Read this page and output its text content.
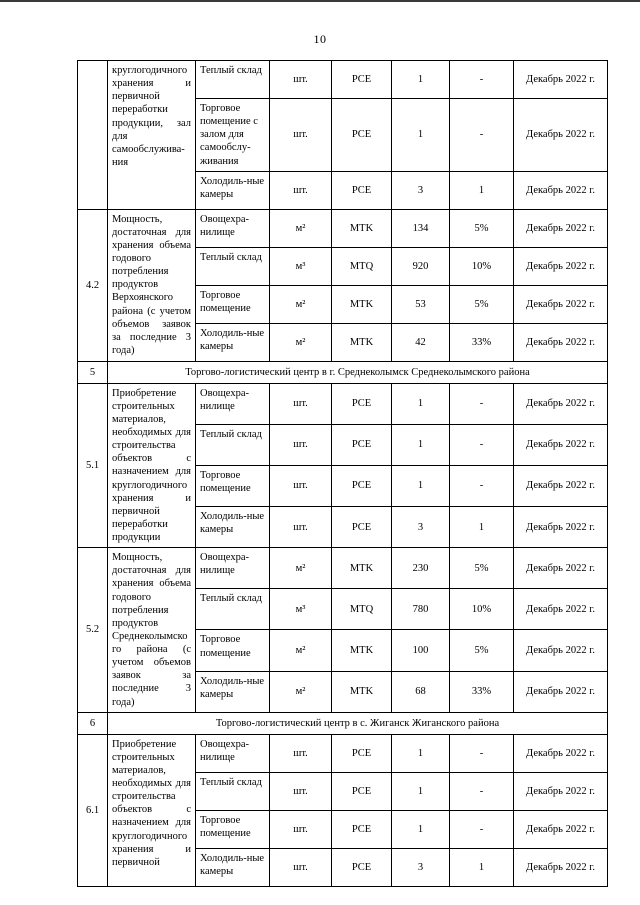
10
	круглогодичного хранения и первичной переработки продукции, зал для самообслужива-ния	Теплый склад	шт.	PCE	1	-	Декабрь 2022 г.
		Торговое помещение с залом для самообслу-живания	шт.	PCE	1	-	Декабрь 2022 г.
		Холодиль-ные камеры	шт.	PCE	3	1	Декабрь 2022 г.
4.2	Мощность, достаточная для хранения объема годового потребления продуктов Верхоянского района (с учетом объемов заявок за последние 3 года)	Овощехра-нилище	м²	MTK	134	5%	Декабрь 2022 г.
		Теплый склад	м³	MTQ	920	10%	Декабрь 2022 г.
		Торговое помещение	м²	MTK	53	5%	Декабрь 2022 г.
		Холодиль-ные камеры	м²	MTK	42	33%	Декабрь 2022 г.
5	Торгово-логистический центр в г. Среднеколымск Среднеколымского района						
5.1	Приобретение строительных материалов, необходимых для строительства объектов с назначением для круглогодичного хранения и первичной переработки продукции	Овощехра-нилище	шт.	PCE	1	-	Декабрь 2022 г.
		Теплый склад	шт.	PCE	1	-	Декабрь 2022 г.
		Торговое помещение	шт.	PCE	1	-	Декабрь 2022 г.
		Холодиль-ные камеры	шт.	PCE	3	1	Декабрь 2022 г.
5.2	Мощность, достаточная для хранения объема годового потребления продуктов Среднеколымского района (с учетом объемов заявок за последние 3 года)	Овощехра-нилище	м²	MTK	230	5%	Декабрь 2022 г.
		Теплый склад	м³	MTQ	780	10%	Декабрь 2022 г.
		Торговое помещение	м²	MTK	100	5%	Декабрь 2022 г.
		Холодиль-ные камеры	м²	MTK	68	33%	Декабрь 2022 г.
6	Торгово-логистический центр в с. Жиганск Жиганского района						
6.1	Приобретение строительных материалов, необходимых для строительства объектов с назначением для круглогодичного хранения и первичной	Овощехра-нилище	шт.	PCE	1	-	Декабрь 2022 г.
		Теплый склад	шт.	PCE	1	-	Декабрь 2022 г.
		Торговое помещение	шт.	PCE	1	-	Декабрь 2022 г.
		Холодиль-ные камеры	шт.	PCE	3	1	Декабрь 2022 г.
